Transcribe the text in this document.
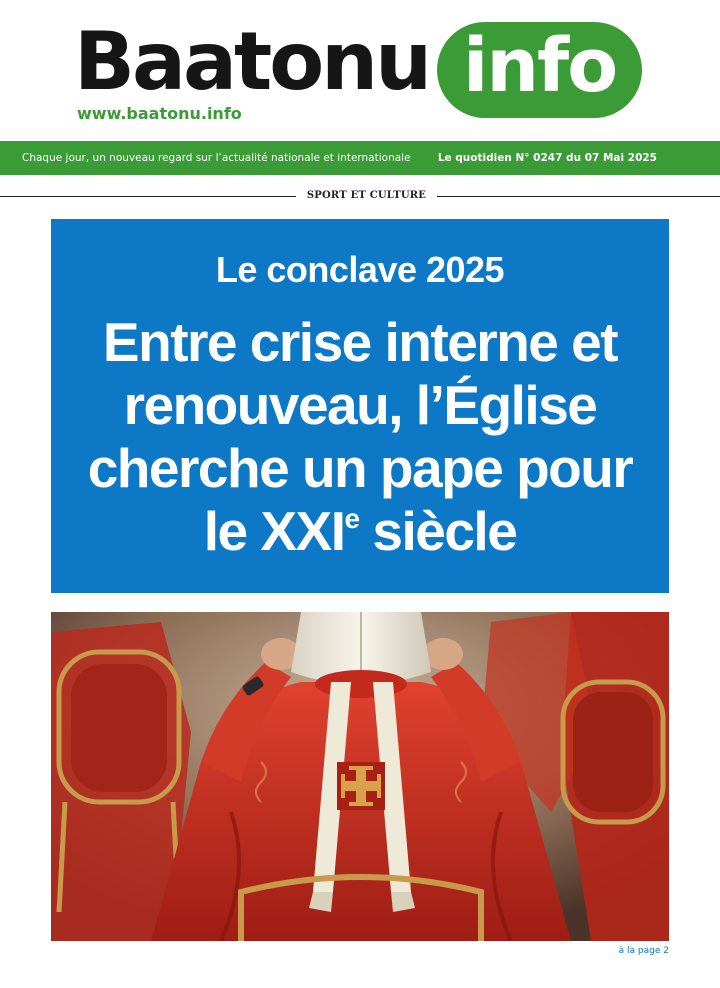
Baatonu info
www.baatonu.info
Chaque jour, un nouveau regard sur l’actualité nationale et internationale	Le quotidien N° 0247 du 07 Mai 2025
SPORT ET CULTURE
Le conclave 2025
Entre crise interne et
renouveau, l’Église
cherche un pape pour
le XXIe siècle
à la page 2
